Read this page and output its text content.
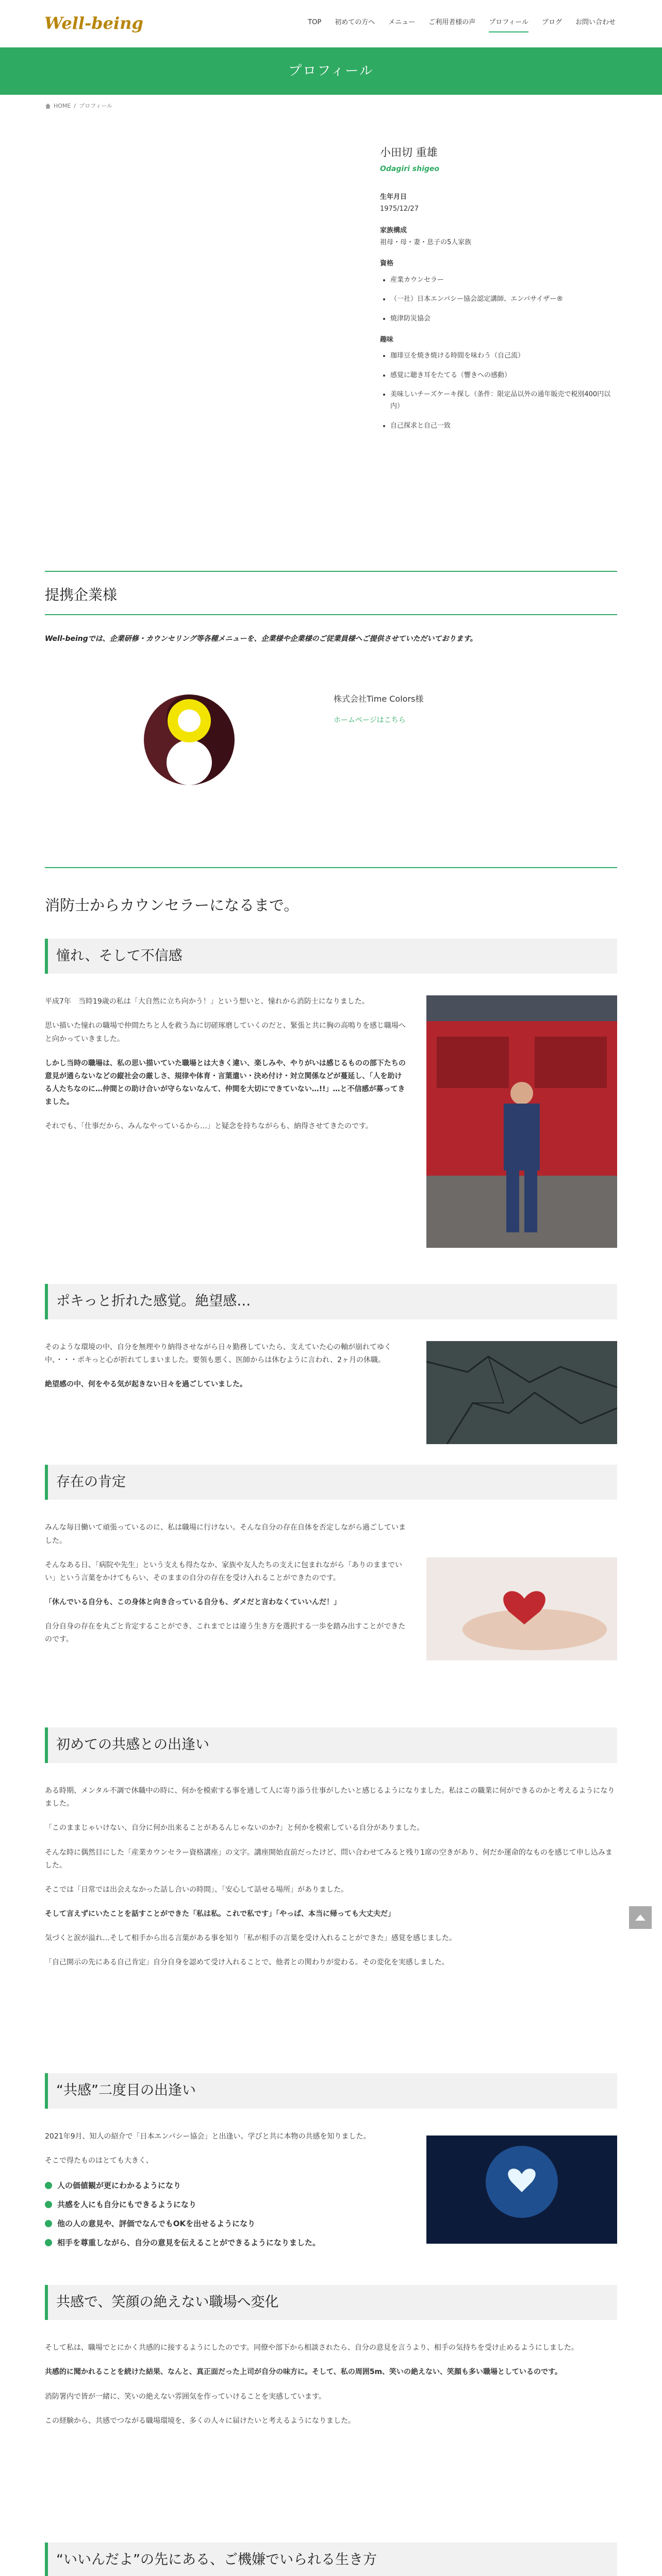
Well-being	TOP 初めての方へ メニュー ご利用者様の声 プロフィール ブログ お問い合わせ
プロフィール
HOME / プロフィール
小田切 重雄
Odagiri shigeo
生年月日
1975/12/27
家族構成
祖母・母・妻・息子の5人家族
資格
• 産業カウンセラー
• （一社）日本エンパシー協会認定講師、エンパサイザー®
• 焼津防災協会
趣味
• 珈琲豆を焼き焼ける時間を味わう（自己流）
• 感覚に聴き耳をたてる（響きへの感動）
• 美味しいチーズケーキ探し（条件：限定品以外の通年販売で税別400円以内）
• 自己探求と自己一致
提携企業様

Well-beingでは、企業研修・カウンセリング等各種メニューを、企業様や企業様のご従業員様へご提供させていただいております。

株式会社Time Colors様
ホームページはこちら
消防士からカウンセラーになるまで。
憧れ、そして不信感

平成7年　当時19歳の私は「大自然に立ち向かう！」という想いと、憧れから消防士になりました。

思い描いた憧れの職場で仲間たちと人を救う為に切磋琢磨していくのだと、緊張と共に胸の高鳴りを感じ職場へと向かっていきました。

しかし当時の職場は、私の思い描いていた職場とは大きく違い、楽しみや、やりがいは感じるものの部下たちの意見が通らないなどの縦社会の厳しさ、規律や体育・言葉遣い・決め付け・対立関係などが蔓延し、「人を助ける人たちなのに…仲間との助け合いが守らないなんて、仲間を大切にできていない…!!」…と不信感が募ってきました。

それでも、「仕事だから、みんなやっているから…」と疑念を持ちながらも、納得させてきたのです。

ポキっと折れた感覚。絶望感…

そのような環境の中、自分を無理やり納得させながら日々勤務していたら、支えていた心の軸が崩れてゆく中、・・・ポキっと心が折れてしまいました。要領も悪く、医師からは休むように言われ、2ヶ月の休職。

絶望感の中、何をやる気が起きない日々を過ごしていました。

存在の肯定

みんな毎日働いて頑張っているのに、私は職場に行けない。そんな自分の存在自体を否定しながら過ごしていました。

そんなある日、「病院や先生」という支えも得たなか、家族や友人たちの支えに包まれながら「ありのままでいい」という言葉をかけてもらい、そのままの自分の存在を受け入れることができたのです。

「休んでいる自分も、この身体と向き合っている自分も、ダメだと言わなくていいんだ！」

自分自身の存在を丸ごと肯定することができ、これまでとは違う生き方を選択する一歩を踏み出すことができたのです。

初めての共感との出逢い

ある時期、メンタル不調で休職中の時に、何かを模索する事を通して人に寄り添う仕事がしたいと感じるようになりました。私はこの職業に何ができるのかと考えるようになりました。

「このままじゃいけない、自分に何か出来ることがあるんじゃないのか?」と何かを模索している自分がありました。

そんな時に偶然目にした「産業カウンセラー資格講座」の文字。講座開始直前だったけど、問い合わせてみると残り1席の空きがあり、何だか運命的なものを感じて申し込みました。

そこでは「日常では出会えなかった話し合いの時間」、「安心して話せる場所」がありました。

そして言えずにいたことを話すことができた「私は私。これで私です」「やっぱ、本当に帰っても大丈夫だ」

気づくと涙が溢れ…そして相手から出る言葉がある事を知り「私が相手の言葉を受け入れることができた」感覚を感じました。

「自己開示の先にある自己肯定」自分自身を認めて受け入れることで、他者との関わりが変わる。その変化を実感しました。

“共感”二度目の出逢い

2021年9月、知人の紹介で「日本エンパシー協会」と出逢い、学びと共に本物の共感を知りました。

そこで得たものはとても大きく、

人の価値観が更にわかるようになり
共感を人にも自分にもできるようになり
他の人の意見や、評価でなんでもOKを出せるようになり
相手を尊重しながら、自分の意見を伝えることができるようになりました。
共感で、笑顔の絶えない職場へ変化

そして私は、職場でとにかく共感的に接するようにしたのです。同僚や部下から相談されたら、自分の意見を言うより、相手の気持ちを受け止めるようにしました。

共感的に聞かれることを続けた結果、なんと、真正面だった上司が自分の味方に。そして、私の周囲5m、笑いの絶えない、笑顔も多い職場としているのです。

消防署内で皆が一緒に、笑いの絶えない雰囲気を作っていけることを実感しています。

この経験から、共感でつながる職場環境を、多くの人々に届けたいと考えるようになりました。

“いいんだよ”の先にある、ご機嫌でいられる生き方
